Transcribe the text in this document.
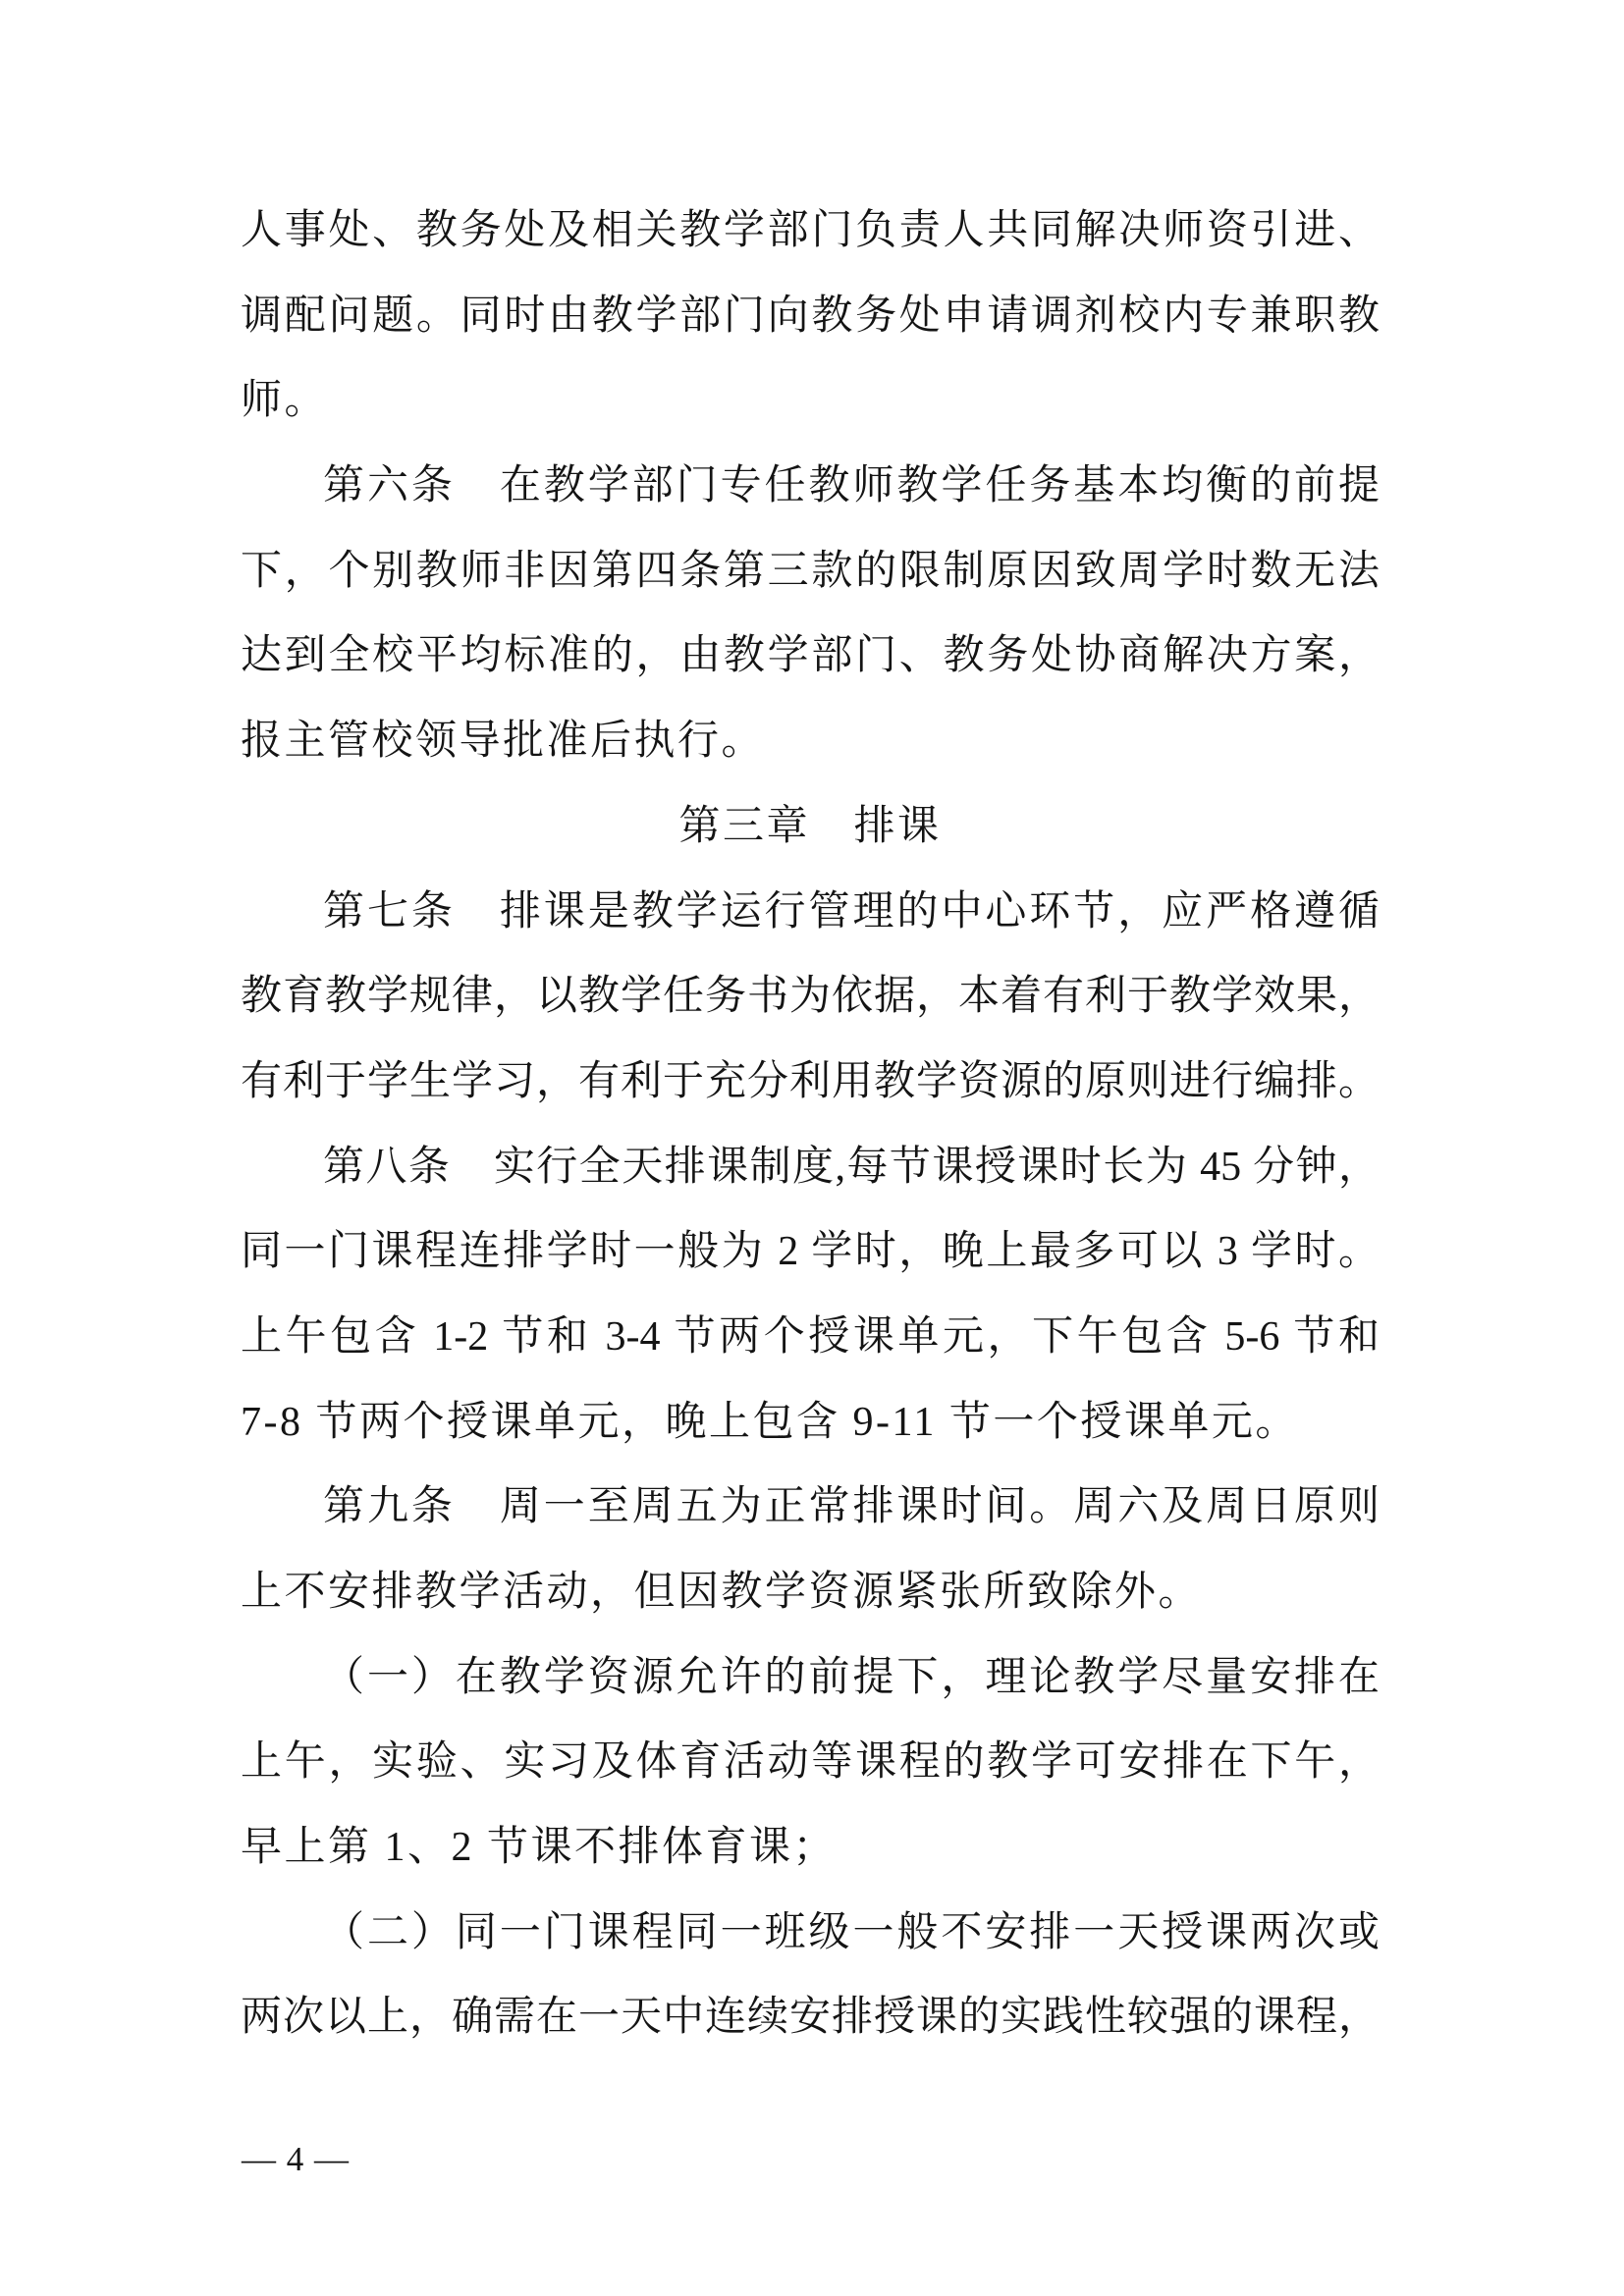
人事处、教务处及相关教学部门负责人共同解决师资引进、
调配问题。同时由教学部门向教务处申请调剂校内专兼职教
师。
第六条　在教学部门专任教师教学任务基本均衡的前提
下，个别教师非因第四条第三款的限制原因致周学时数无法
达到全校平均标准的，由教学部门、教务处协商解决方案，
报主管校领导批准后执行。
第三章　排课
第七条　排课是教学运行管理的中心环节，应严格遵循
教育教学规律，以教学任务书为依据，本着有利于教学效果，
有利于学生学习，有利于充分利用教学资源的原则进行编排。
第八条　实行全天排课制度,每节课授课时长为 45 分钟，
同一门课程连排学时一般为 2 学时，晚上最多可以 3 学时。
上午包含 1-2 节和 3-4 节两个授课单元，下午包含 5-6 节和
7-8 节两个授课单元，晚上包含 9-11 节一个授课单元。
第九条　周一至周五为正常排课时间。周六及周日原则
上不安排教学活动，但因教学资源紧张所致除外。
（一）在教学资源允许的前提下，理论教学尽量安排在
上午，实验、实习及体育活动等课程的教学可安排在下午，
早上第 1、2 节课不排体育课；
（二）同一门课程同一班级一般不安排一天授课两次或
两次以上，确需在一天中连续安排授课的实践性较强的课程，
— 4 —
